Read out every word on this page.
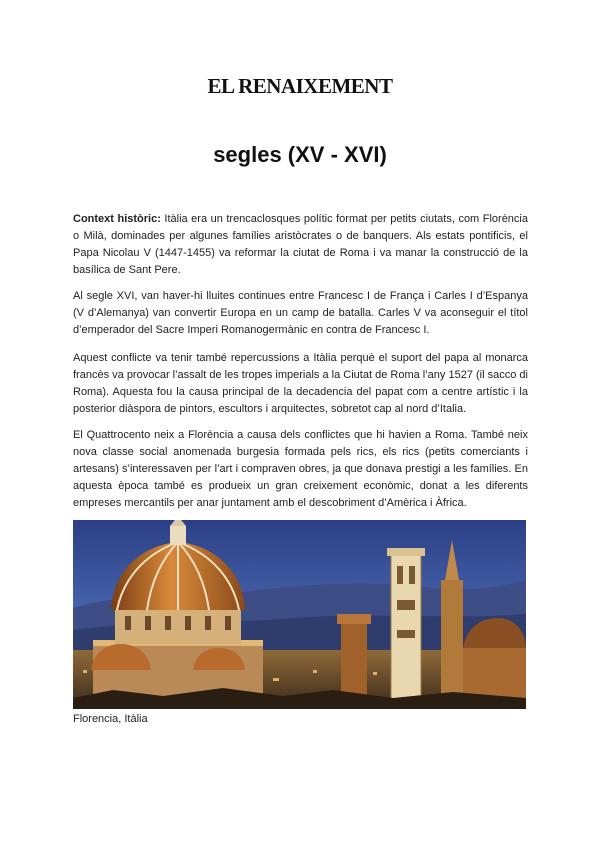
EL RENAIXEMENT
segles (XV - XVI)

Context històric: Itàlia era un trencaclosques polític format per petits ciutats, com Florència o Milà, dominades per algunes famílies aristòcrates o de banquers. Als estats pontificis, el Papa Nicolau V (1447-1455) va reformar la ciutat de Roma i va manar la construcció de la basílica de Sant Pere.

Al segle XVI, van haver-hi lluites continues entre Francesc I de França i Carles I d’Espanya (V d’Alemanya) van convertir Europa en un camp de batalla. Carles V va aconseguir el títol d’emperador del Sacre Imperi Romanogermànic en contra de Francesc I.

Aquest conflicte va tenir també repercussions a Itàlia perquè el suport del papa al monarca francès va provocar l’assalt de les tropes imperials a la Ciutat de Roma l’any 1527 (il sacco di Roma). Aquesta fou la causa principal de la decadencia del papat com a centre artístic i la posterior diàspora de pintors, escultors i arquitectes, sobretot cap al nord d’Italia.

El Quattrocento neix a Florència a causa dels conflictes que hi havien a Roma. També neix nova classe social anomenada burgesia formada pels rics, els rics (petits comerciants i artesans) s’interessaven per l’art i compraven obres, ja que donava prestigi a les famílies. En aquesta època també es produeix un gran creixement econòmic, donat a les diferents empreses mercantils per anar juntament amb el descobriment d’Amèrica i Àfrica.

Florencia, Itàlia
